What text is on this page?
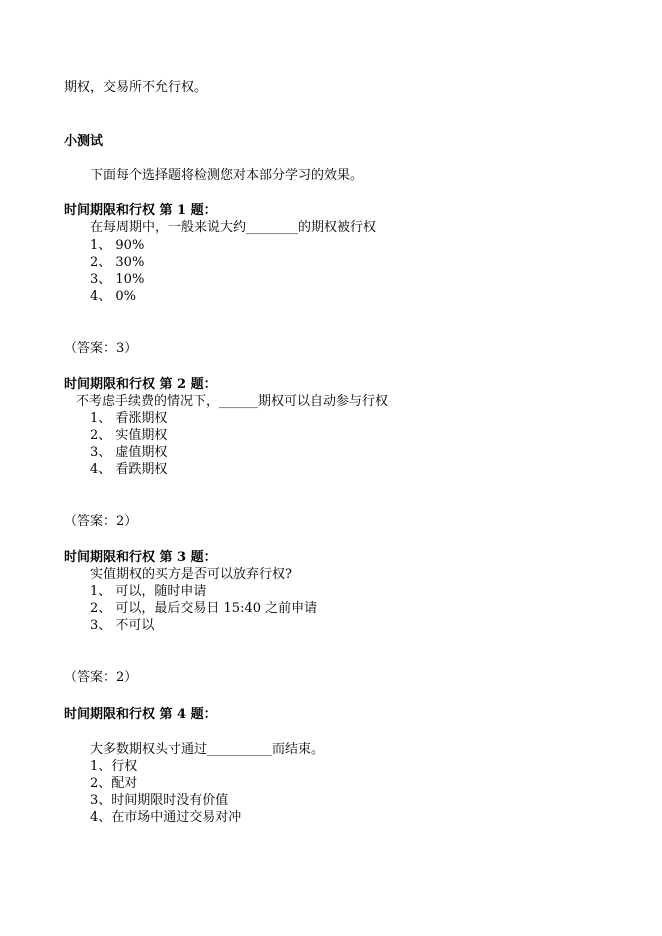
期权，交易所不允行权。
小测试
下面每个选择题将检测您对本部分学习的效果。
时间期限和行权 第 1 题：
在每周期中，一般来说大约________的期权被行权
1、 90%
2、 30%
3、 10%
4、 0%
（答案：3）
时间期限和行权 第 2 题：
不考虑手续费的情况下，______期权可以自动参与行权
1、 看涨期权
2、 实值期权
3、 虚值期权
4、 看跌期权
（答案：2）
时间期限和行权 第 3 题：
实值期权的买方是否可以放弃行权?
1、 可以，随时申请
2、 可以，最后交易日 15:40 之前申请
3、 不可以
（答案：2）
时间期限和行权 第 4 题：
大多数期权头寸通过__________而结束。
1、行权
2、配对
3、时间期限时没有价值
4、在市场中通过交易对冲
